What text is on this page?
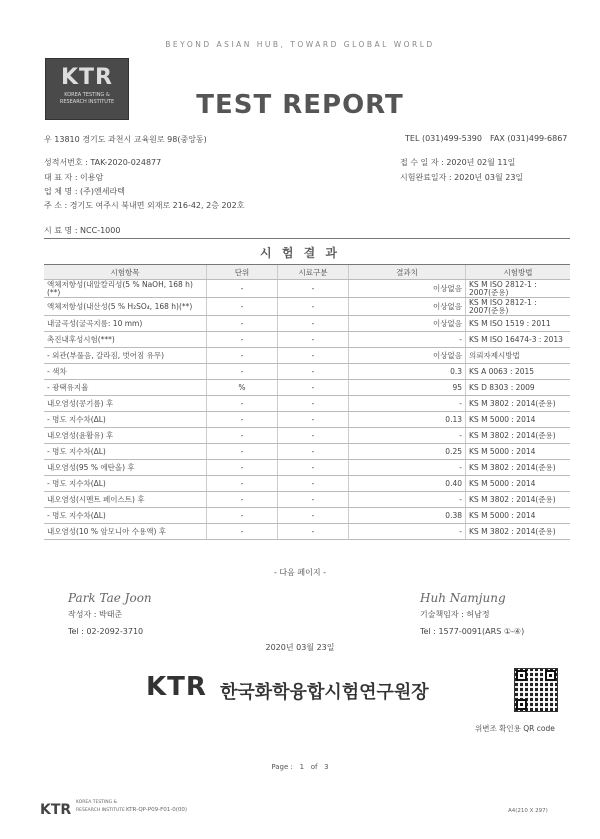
BEYOND ASIAN HUB, TOWARD GLOBAL WORLD
KTR
KOREA TESTING &
RESEARCH INSTITUTE	TEST REPORT
우 13810 경기도 과천시 교육원로 98(중앙동)	TEL (031)499-5390 FAX (031)499-6867
성적서번호 : TAK-2020-024877
대 표 자 : 이용암
업 체 명 : (주)엔세라텍
주 소 : 경기도 여주시 북내면 외재로 216-42, 2층 202호
접 수 일 자 : 2020년 02월 11일
시험완료일자 : 2020년 03월 23일
시 료 명 : NCC-1000
시 험 결 과
시험항목	단위	시료구분	결과치	시험방법
액체저항성(내알칼리성(5 % NaOH, 168 h)(**)	-	-	이상없음	KS M ISO 2812-1 : 2007(준용)
액체저항성(내산성(5 % H₂SO₄, 168 h)(**)	-	-	이상없음	KS M ISO 2812-1 : 2007(준용)
내굴곡성(굴곡지름: 10 mm)	-	-	이상없음	KS M ISO 1519 : 2011
촉진내후성시험(***)	-	-	-	KS M ISO 16474-3 : 2013
- 외관(부풀음, 갈라짐, 벗어짐 유무)	-	-	이상없음	의뢰자제시방법
- 색차	-	-	0.3	KS A 0063 : 2015
- 광택유지율	%	-	95	KS D 8303 : 2009
내오염성(콩기름) 후	-	-	-	KS M 3802 : 2014(준용)
- 명도 지수차(ΔL)	-	-	0.13	KS M 5000 : 2014
내오염성(윤활유) 후	-	-	-	KS M 3802 : 2014(준용)
- 명도 지수차(ΔL)	-	-	0.25	KS M 5000 : 2014
내오염성(95 % 에탄올) 후	-	-	-	KS M 3802 : 2014(준용)
- 명도 지수차(ΔL)	-	-	0.40	KS M 5000 : 2014
내오염성(시멘트 페이스트) 후	-	-	-	KS M 3802 : 2014(준용)
- 명도 지수차(ΔL)	-	-	0.38	KS M 5000 : 2014
내오염성(10 % 암모니아 수용액) 후	-	-	-	KS M 3802 : 2014(준용)
- 다음 페이지 -
Park Tae Joon
작성자 : 박태준
Tel : 02-2092-3710
Huh Namjung
기술책임자 : 허남정
Tel : 1577-0091(ARS ①-④)
2020년 03월 23일
KTR 한국화학융합시험연구원장
위변조 확인용 QR code
Page : 1 of 3
KTR KOREA TESTING &
RESEARCH INSTITUTE KTR-QP-P09-F01-0(00)	A4(210 X 297)
